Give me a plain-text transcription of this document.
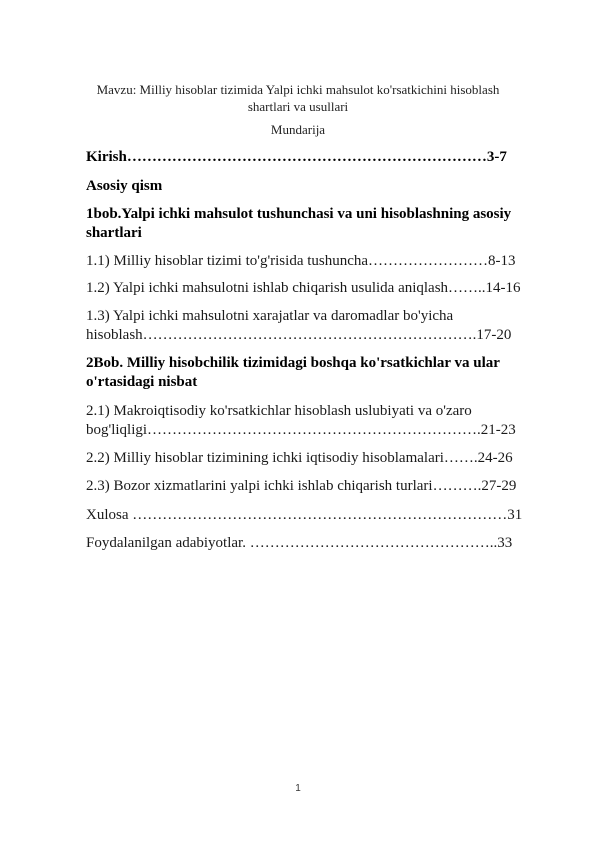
Mavzu: Milliy hisoblar tizimida Yalpi ichki mahsulot ko'rsatkichini hisoblash
shartlari va usullari
Mundarija
Kirish………………………………………………………………3-7
Asosiy qism
1bob.Yalpi ichki mahsulot tushunchasi va uni hisoblashning asosiy
shartlari
1.1) Milliy hisoblar tizimi to'g'risida tushuncha……………………8-13
1.2) Yalpi ichki mahsulotni ishlab chiqarish usulida aniqlash……..14-16
1.3) Yalpi ichki mahsulotni xarajatlar va daromadlar bo'yicha
hisoblash………………………………………………………….17-20
2Bob. Milliy hisobchilik tizimidagi boshqa ko'rsatkichlar va ular
o'rtasidagi nisbat
2.1) Makroiqtisodiy ko'rsatkichlar hisoblash uslubiyati va o'zaro
bog'liqligi………………………………………………………….21-23
2.2) Milliy hisoblar tizimining ichki iqtisodiy hisoblamalari…….24-26
2.3) Bozor xizmatlarini yalpi ichki ishlab chiqarish turlari……….27-29
Xulosa …………………………………………………………………31
Foydalanilgan adabiyotlar. …………………………………………..33
1
